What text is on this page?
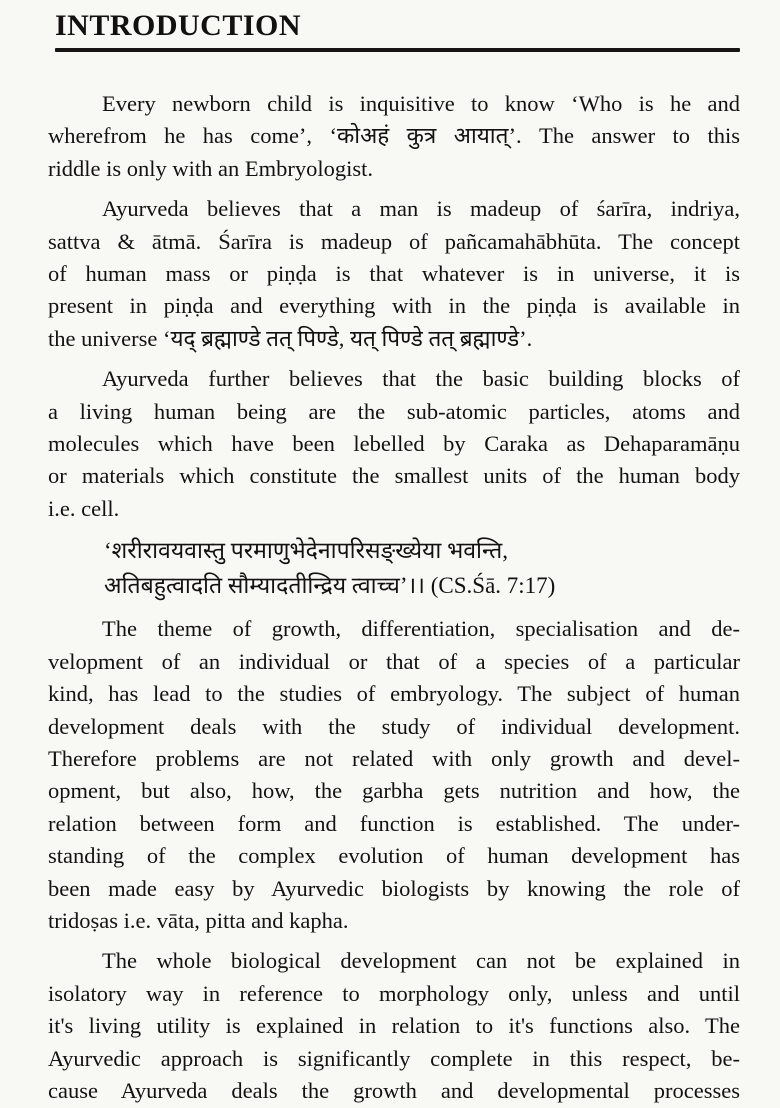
INTRODUCTION
Every newborn child is inquisitive to know ‘Who is he and
wherefrom he has come’, ‘कोअहं कुत्र आयात्’. The answer to this
riddle is only with an Embryologist.
Ayurveda believes that a man is madeup of śarīra, indriya,
sattva & ātmā. Śarīra is madeup of pañcamahābhūta. The concept
of human mass or piṇḍa is that whatever is in universe, it is
present in piṇḍa and everything with in the piṇḍa is available in
the universe ‘यद् ब्रह्माण्डे तत् पिण्डे, यत् पिण्डे तत् ब्रह्माण्डे’.
Ayurveda further believes that the basic building blocks of
a living human being are the sub-atomic particles, atoms and
molecules which have been lebelled by Caraka as Dehaparamāṇu
or materials which constitute the smallest units of the human body
i.e. cell.
‘शरीरावयवास्तु परमाणुभेदेनापरिसङ्ख्येया भवन्ति,
अतिबहुत्वादति सौम्यादतीन्द्रिय त्वाच्च’।। (CS.Śā. 7:17)
The theme of growth, differentiation, specialisation and de-
velopment of an individual or that of a species of a particular
kind, has lead to the studies of embryology. The subject of human
development deals with the study of individual development.
Therefore problems are not related with only growth and devel-
opment, but also, how, the garbha gets nutrition and how, the
relation between form and function is established. The under-
standing of the complex evolution of human development has
been made easy by Ayurvedic biologists by knowing the role of
tridoṣas i.e. vāta, pitta and kapha.
The whole biological development can not be explained in
isolatory way in reference to morphology only, unless and until
it's living utility is explained in relation to it's functions also. The
Ayurvedic approach is significantly complete in this respect, be-
cause Ayurveda deals the growth and developmental processes
